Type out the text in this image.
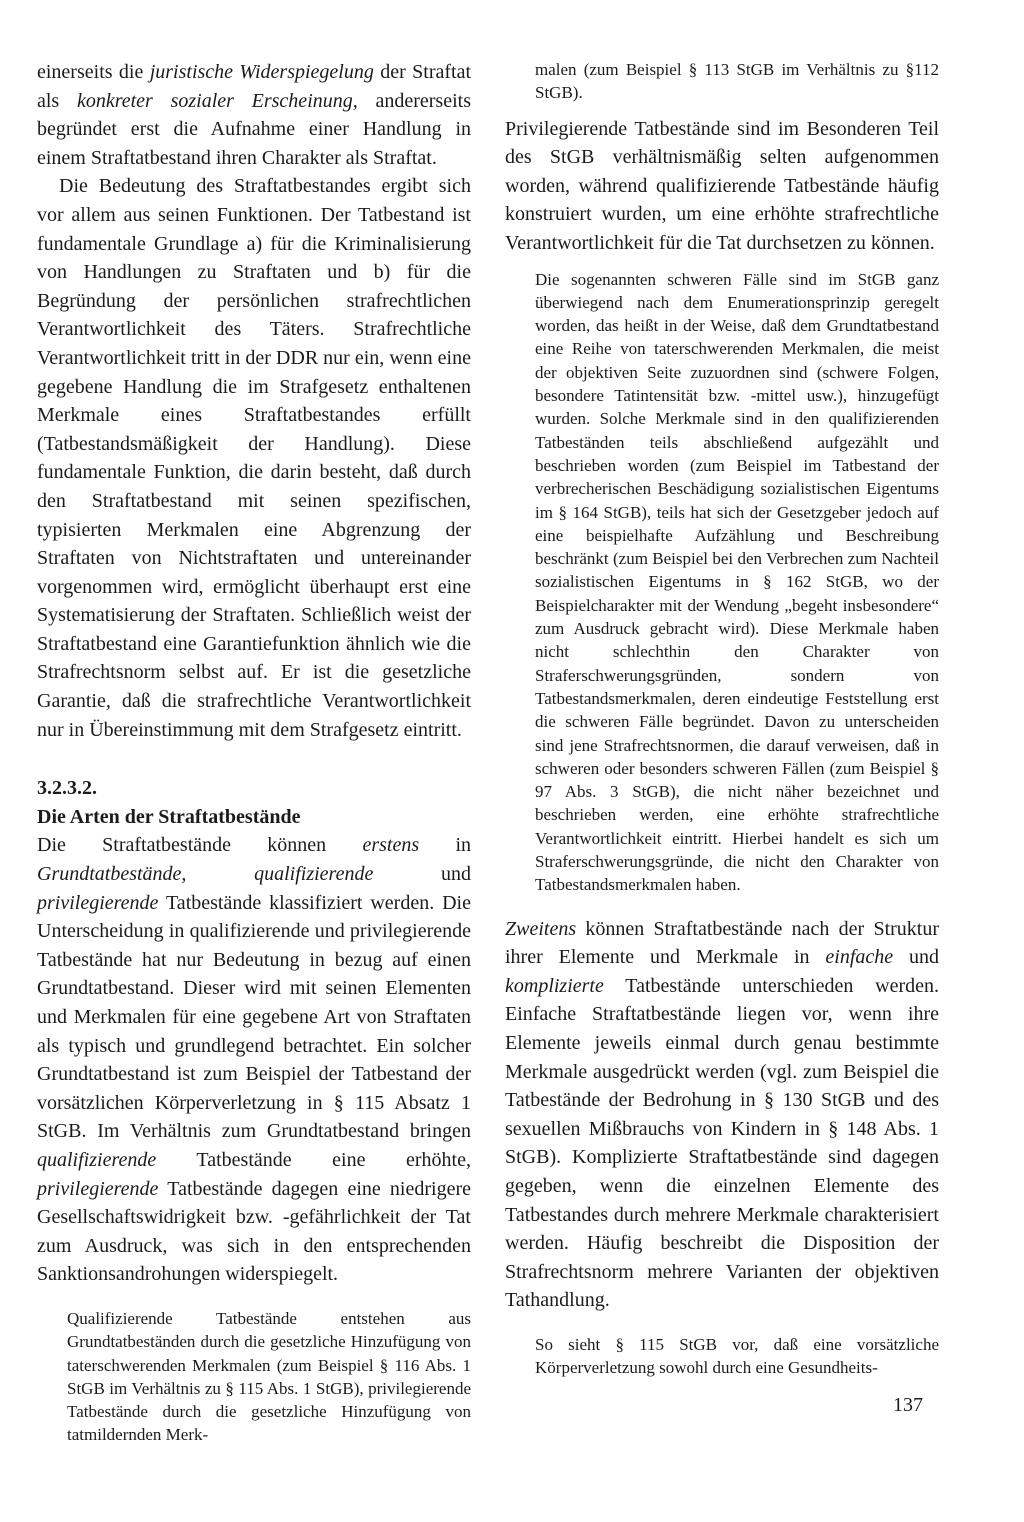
einerseits die juristische Widerspiegelung der Straftat als konkreter sozialer Erscheinung, andererseits begründet erst die Aufnahme einer Handlung in einem Straftatbestand ihren Charakter als Straftat.

Die Bedeutung des Straftatbestandes ergibt sich vor allem aus seinen Funktionen. Der Tatbestand ist fundamentale Grundlage a) für die Kriminalisierung von Handlungen zu Straftaten und b) für die Begründung der persönlichen strafrechtlichen Verantwortlichkeit des Täters. Strafrechtliche Verantwortlichkeit tritt in der DDR nur ein, wenn eine gegebene Handlung die im Strafgesetz enthaltenen Merkmale eines Straftatbestandes erfüllt (Tatbestandsmäßigkeit der Handlung). Diese fundamentale Funktion, die darin besteht, daß durch den Straftatbestand mit seinen spezifischen, typisierten Merkmalen eine Abgrenzung der Straftaten von Nichtstraftaten und untereinander vorgenommen wird, ermöglicht überhaupt erst eine Systematisierung der Straftaten. Schließlich weist der Straftatbestand eine Garantiefunktion ähnlich wie die Strafrechtsnorm selbst auf. Er ist die gesetzliche Garantie, daß die strafrechtliche Verantwortlichkeit nur in Übereinstimmung mit dem Strafgesetz eintritt.

3.2.3.2.
Die Arten der Straftatbestände

Die Straftatbestände können erstens in Grundtatbestände, qualifizierende und privilegierende Tatbestände klassifiziert werden. Die Unterscheidung in qualifizierende und privilegierende Tatbestände hat nur Bedeutung in bezug auf einen Grundtatbestand. Dieser wird mit seinen Elementen und Merkmalen für eine gegebene Art von Straftaten als typisch und grundlegend betrachtet. Ein solcher Grundtatbestand ist zum Beispiel der Tatbestand der vorsätzlichen Körperverletzung in § 115 Absatz 1 StGB. Im Verhältnis zum Grundtatbestand bringen qualifizierende Tatbestände eine erhöhte, privilegierende Tatbestände dagegen eine niedrigere Gesellschaftswidrigkeit bzw. -gefährlichkeit der Tat zum Ausdruck, was sich in den entsprechenden Sanktionsandrohungen widerspiegelt.

Qualifizierende Tatbestände entstehen aus Grundtatbeständen durch die gesetzliche Hinzufügung von taterschwerenden Merkmalen (zum Beispiel § 116 Abs. 1 StGB im Verhältnis zu § 115 Abs. 1 StGB), privilegierende Tatbestände durch die gesetzliche Hinzufügung von tatmildernden Merk-

malen (zum Beispiel § 113 StGB im Verhältnis zu §112 StGB).

Privilegierende Tatbestände sind im Besonderen Teil des StGB verhältnismäßig selten aufgenommen worden, während qualifizierende Tatbestände häufig konstruiert wurden, um eine erhöhte strafrechtliche Verantwortlichkeit für die Tat durchsetzen zu können.

Die sogenannten schweren Fälle sind im StGB ganz überwiegend nach dem Enumerationsprinzip geregelt worden, das heißt in der Weise, daß dem Grundtatbestand eine Reihe von taterschwerenden Merkmalen, die meist der objektiven Seite zuzuordnen sind (schwere Folgen, besondere Tatintensität bzw. -mittel usw.), hinzugefügt wurden. Solche Merkmale sind in den qualifizierenden Tatbeständen teils abschließend aufgezählt und beschrieben worden (zum Beispiel im Tatbestand der verbrecherischen Beschädigung sozialistischen Eigentums im § 164 StGB), teils hat sich der Gesetzgeber jedoch auf eine beispielhafte Aufzählung und Beschreibung beschränkt (zum Beispiel bei den Verbrechen zum Nachteil sozialistischen Eigentums in § 162 StGB, wo der Beispielcharakter mit der Wendung „begeht insbesondere“ zum Ausdruck gebracht wird). Diese Merkmale haben nicht schlechthin den Charakter von Straferschwerungsgründen, sondern von Tatbestandsmerkmalen, deren eindeutige Feststellung erst die schweren Fälle begründet. Davon zu unterscheiden sind jene Strafrechtsnormen, die darauf verweisen, daß in schweren oder besonders schweren Fällen (zum Beispiel § 97 Abs. 3 StGB), die nicht näher bezeichnet und beschrieben werden, eine erhöhte strafrechtliche Verantwortlichkeit eintritt. Hierbei handelt es sich um Straferschwerungsgründe, die nicht den Charakter von Tatbestandsmerkmalen haben.

Zweitens können Straftatbestände nach der Struktur ihrer Elemente und Merkmale in einfache und komplizierte Tatbestände unterschieden werden. Einfache Straftatbestände liegen vor, wenn ihre Elemente jeweils einmal durch genau bestimmte Merkmale ausgedrückt werden (vgl. zum Beispiel die Tatbestände der Bedrohung in § 130 StGB und des sexuellen Mißbrauchs von Kindern in § 148 Abs. 1 StGB). Komplizierte Straftatbestände sind dagegen gegeben, wenn die einzelnen Elemente des Tatbestandes durch mehrere Merkmale charakterisiert werden. Häufig beschreibt die Disposition der Strafrechtsnorm mehrere Varianten der objektiven Tathandlung.

So sieht § 115 StGB vor, daß eine vorsätzliche Körperverletzung sowohl durch eine Gesundheits-

137
